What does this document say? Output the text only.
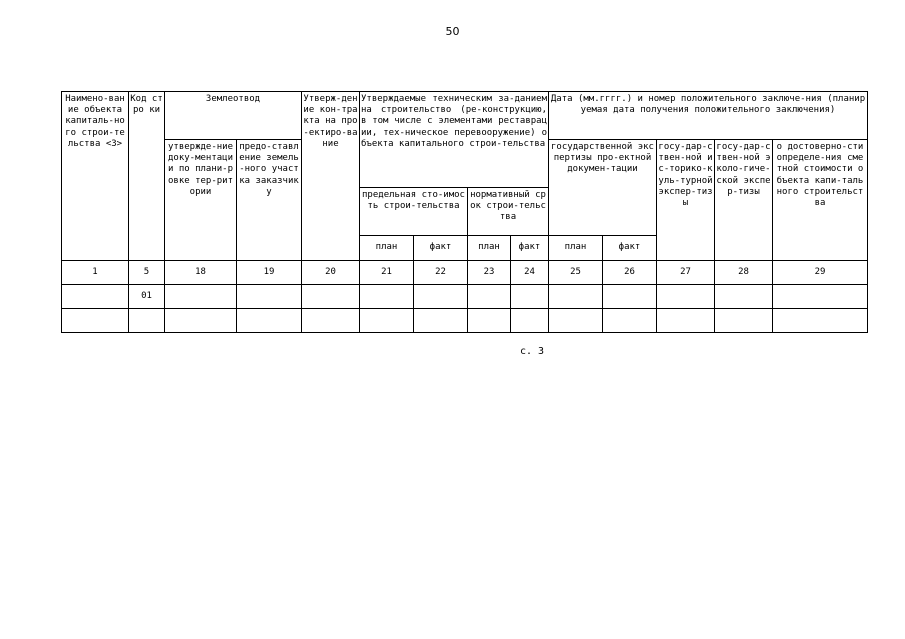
50
Наимено-вание объекта капиталь-ного строи-тельства <3>	Код стро ки	Землеотвод		Утверж-дение кон-тракта на про-ектиро-вание	Утверждаемые техническим за-данием на строительство (ре-конструкцию, в том числе с элементами реставрации, тех-ническое перевооружение) объекта капитального строи-тельства				Дата (мм.гггг.) и номер положительного заключе-ния (планируемая дата получения положительного заключения)				
		утвержде-ние доку-ментации по плани-ровке тер-ритории	предо-ставление земель-ного участка заказчику						государственной экспертизы про-ектной докумен-тации		госу-дар-ствен-ной ис-торико-куль-турной экспер-тизы	госу-дар-ствен-ной эколо-гиче-ской экспер-тизы	о достоверно-сти определе-ния сметной стоимости объекта капи-тального строительства
					предельная сто-имость строи-тельства		нормативный срок строи-тельства						
					план	факт	план	факт	план	факт			
1	5	18	19	20	21	22	23	24	25	26	27	28	29
	01												

с. 3
